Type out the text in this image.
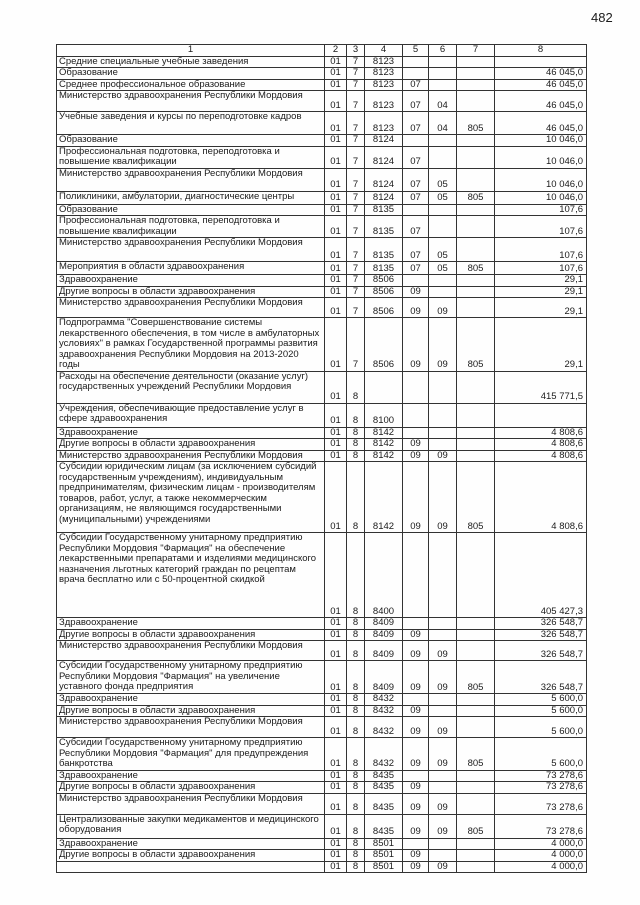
482
1	2	3	4	5	6	7	8
Средние специальные учебные заведения	01	7	8123				
Образование	01	7	8123				46 045,0
Среднее профессиональное образование	01	7	8123	07			46 045,0
Министерство здравоохранения Республики Мордовия	01	7	8123	07	04		46 045,0
Учебные заведения и курсы по переподготовке кадров	01	7	8123	07	04	805	46 045,0
Образование	01	7	8124				10 046,0
Профессиональная подготовка, переподготовка и повышение квалификации	01	7	8124	07			10 046,0
Министерство здравоохранения Республики Мордовия	01	7	8124	07	05		10 046,0
Поликлиники, амбулатории, диагностические центры	01	7	8124	07	05	805	10 046,0
Образование	01	7	8135				107,6
Профессиональная подготовка, переподготовка и повышение квалификации	01	7	8135	07			107,6
Министерство здравоохранения Республики Мордовия	01	7	8135	07	05		107,6
Мероприятия в области здравоохранения	01	7	8135	07	05	805	107,6
Здравоохранение	01	7	8506				29,1
Другие вопросы в области здравоохранения	01	7	8506	09			29,1
Министерство здравоохранения Республики Мордовия	01	7	8506	09	09		29,1
Подпрограмма "Совершенствование системы лекарственного обеспечения, в том числе в амбулаторных условиях" в рамках Государственной программы развития здравоохранения Республики Мордовия на 2013-2020 годы	01	7	8506	09	09	805	29,1
Расходы на обеспечение деятельности (оказание услуг) государственных учреждений Республики Мордовия	01	8					415 771,5
Учреждения, обеспечивающие предоставление услуг в сфере здравоохранения	01	8	8100				
Здравоохранение	01	8	8142				4 808,6
Другие вопросы в области здравоохранения	01	8	8142	09			4 808,6
Министерство здравоохранения Республики Мордовия	01	8	8142	09	09		4 808,6
Субсидии юридическим лицам (за исключением субсидий государственным учреждениям), индивидуальным предпринимателям, физическим лицам - производителям товаров, работ, услуг, а также некоммерческим организациям, не являющимся государственными (муниципальными) учреждениями	01	8	8142	09	09	805	4 808,6
Субсидии Государственному унитарному предприятию Республики Мордовия "Фармация" на обеспечение лекарственными препаратами и изделиями медицинского назначения льготных категорий граждан по рецептам врача бесплатно или с 50-процентной скидкой	01	8	8400				405 427,3
Здравоохранение	01	8	8409				326 548,7
Другие вопросы в области здравоохранения	01	8	8409	09			326 548,7
Министерство здравоохранения Республики Мордовия	01	8	8409	09	09		326 548,7
Субсидии Государственному унитарному предприятию Республики Мордовия "Фармация" на увеличение уставного фонда предприятия	01	8	8409	09	09	805	326 548,7
Здравоохранение	01	8	8432				5 600,0
Другие вопросы в области здравоохранения	01	8	8432	09			5 600,0
Министерство здравоохранения Республики Мордовия	01	8	8432	09	09		5 600,0
Субсидии Государственному унитарному предприятию Республики Мордовия "Фармация" для предупреждения банкротства	01	8	8432	09	09	805	5 600,0
Здравоохранение	01	8	8435				73 278,6
Другие вопросы в области здравоохранения	01	8	8435	09			73 278,6
Министерство здравоохранения Республики Мордовия	01	8	8435	09	09		73 278,6
Централизованные закупки медикаментов и медицинского оборудования	01	8	8435	09	09	805	73 278,6
Здравоохранение	01	8	8501				4 000,0
Другие вопросы в области здравоохранения	01	8	8501	09			4 000,0
	01	8	8501	09	09		4 000,0
